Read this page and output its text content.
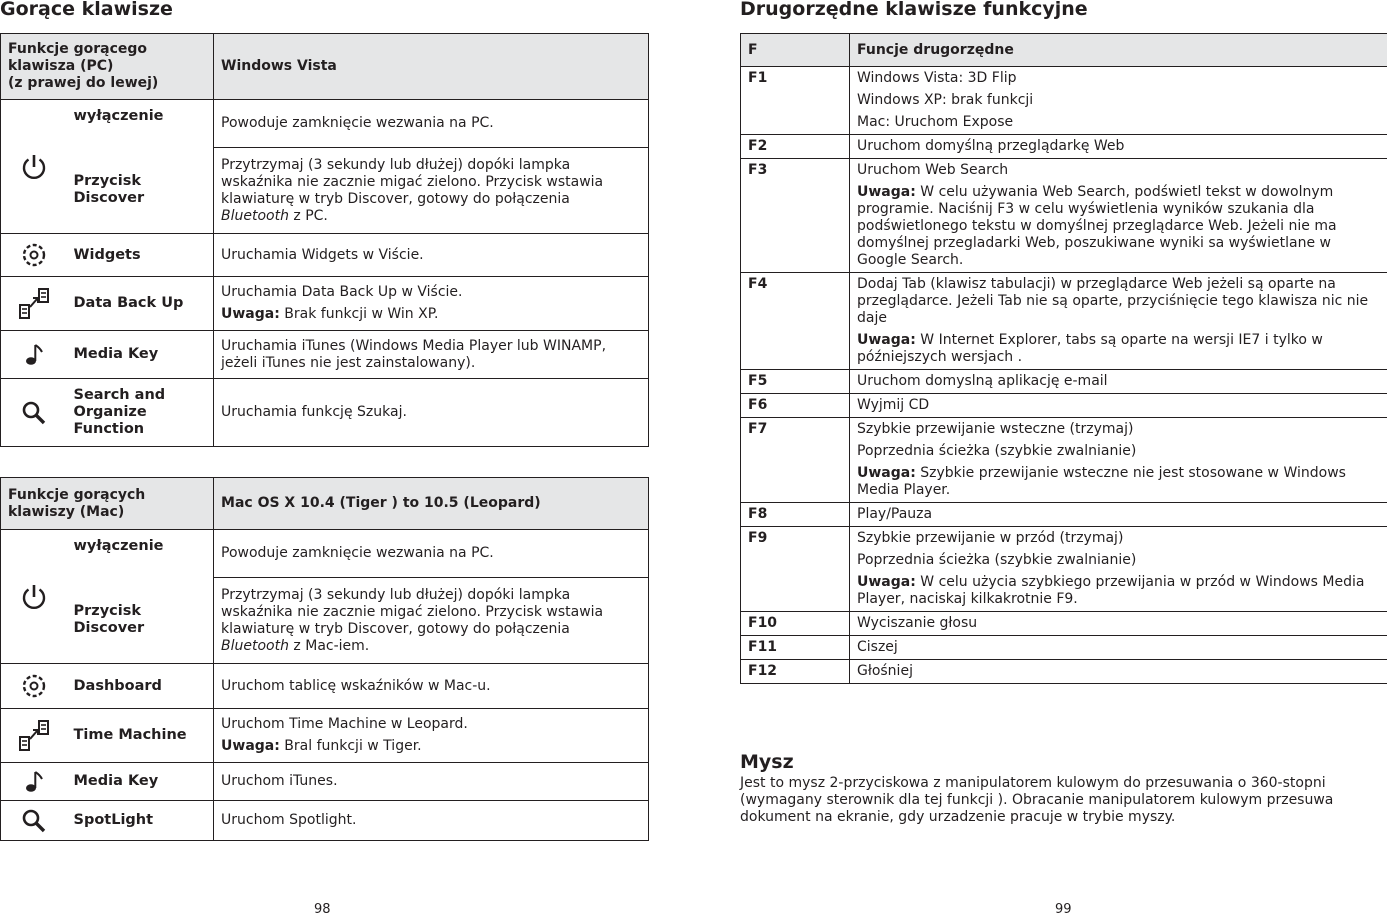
Gorące klawisze
Funkcje gorącego klawisza (PC)
(z prawej do lewej)		Windows Vista

	wyłączenie	Powoduje zamknięcie wezwania na PC.
	Przycisk Discover	Przytrzymaj (3 sekundy lub dłużej) dopóki lampka wskaźnika nie zacznie migać zielono. Przycisk wstawia klawiaturę w tryb Discover, gotowy do połączenia Bluetooth z PC.

	Widgets	Uruchamia Widgets w Viście.

	Data Back Up	Uruchamia Data Back Up w Viście.

Uwaga: Brak funkcji w Win XP.

	Media Key	Uruchamia iTunes (Windows Media Player lub WINAMP, jeżeli iTunes nie jest zainstalowany).

	Search and Organize Function	Uruchamia funkcję Szukaj.
Funkcje gorących klawiszy (Mac)		Mac OS X 10.4 (Tiger ) to 10.5 (Leopard)

	wyłączenie	Powoduje zamknięcie wezwania na PC.
	Przycisk Discover	Przytrzymaj (3 sekundy lub dłużej) dopóki lampka wskaźnika nie zacznie migać zielono. Przycisk wstawia klawiaturę w tryb Discover, gotowy do połączenia Bluetooth z Mac-iem.

	Dashboard	Uruchom tablicę wskaźników w Mac-u.

	Time Machine	Uruchom Time Machine w Leopard.

Uwaga: Bral funkcji w Tiger.

	Media Key	Uruchom iTunes.

	SpotLight	Uruchom Spotlight.
98
Drugorzędne klawisze funkcyjne
F	Funcje drugorzędne
F1	Windows Vista: 3D Flip

Windows XP: brak funkcji

Mac: Uruchom Expose

F2	Uruchom domyślną przeglądarkę Web

F3	Uruchom Web Search

Uwaga: W celu używania Web Search, podświetl tekst w dowolnym programie. Naciśnij F3 w celu wyświetlenia wyników szukania dla podświetlonego tekstu w domyślnej przeglądarce Web. Jeżeli nie ma domyślnej przegladarki Web, poszukiwane wyniki sa wyświetlane w Google Search.

F4	Dodaj Tab (klawisz tabulacji) w przeglądarce Web jeżeli są oparte na przeglądarce. Jeżeli Tab nie są oparte, przyciśnięcie tego klawisza nic nie daje

Uwaga: W Internet Explorer, tabs są oparte na wersji IE7 i tylko w późniejszych wersjach .

F5	Uruchom domyslną aplikację e-mail

F6	Wyjmij CD

F7	Szybkie przewijanie wsteczne (trzymaj)

Poprzednia ścieżka (szybkie zwalnianie)

Uwaga: Szybkie przewijanie wsteczne nie jest stosowane w Windows Media Player.

F8	Play/Pauza

F9	Szybkie przewijanie w przód (trzymaj)

Poprzednia ścieżka (szybkie zwalnianie)

Uwaga: W celu użycia szybkiego przewijania w przód w Windows Media Player, naciskaj kilkakrotnie F9.

F10	Wyciszanie głosu

F11	Ciszej

F12	Głośniej

Mysz

Jest to mysz 2-przyciskowa z manipulatorem kulowym do przesuwania o 360-stopni (wymagany sterownik dla tej funkcji ). Obracanie manipulatorem kulowym przesuwa dokument na ekranie, gdy urzadzenie pracuje w trybie myszy.

99
